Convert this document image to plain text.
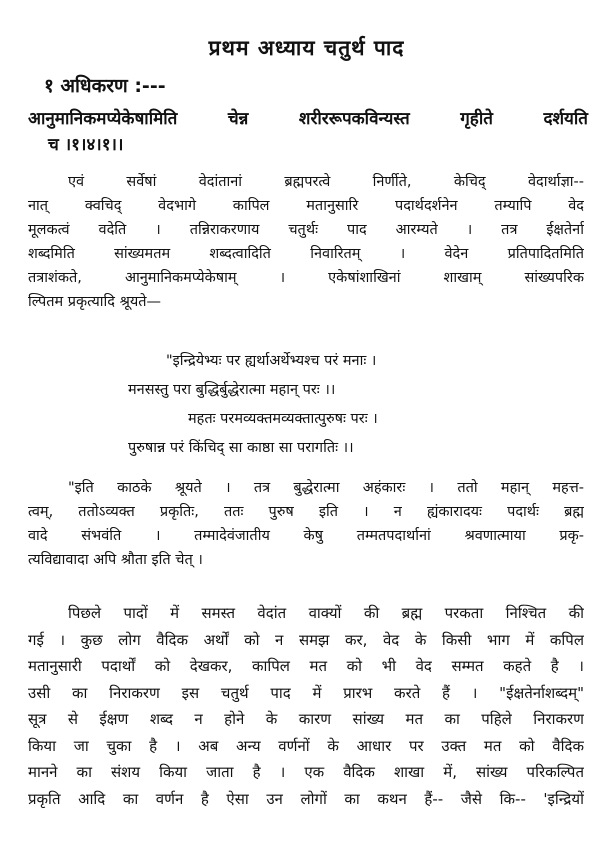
प्रथम अध्याय चतुर्थ पाद
१ अधिकरण :---
आनुमानिकमप्येकेषामिति चेन्न शरीररूपकविन्यस्त गृहीते दर्शयति
च ।१।४।१।।
एवं सर्वेषां वेदांतानां ब्रह्मपरत्वे निर्णीते, केचिद् वेदार्थाज्ञा--
नात् क्वचिद् वेदभागे कापिल मतानुसारि पदार्थदर्शनेन तम्यापि वेद
मूलकत्वं वदेति । तन्निराकरणाय चतुर्थः पाद आरम्यते । तत्र ईक्षतेर्ना
शब्दमिति सांख्यमतम शब्दत्वादिति निवारितम् । वेदेन प्रतिपादितमिति
तत्राशंकते, आनुमानिकमप्येकेषाम् । एकेषांशाखिनां शाखाम् सांख्यपरिक
ल्पितम प्रकृत्यादि श्रूयते—
"इन्द्रियेभ्यः पर ह्यर्थाअर्थेभ्यश्च परं मनाः ।
मनसस्तु परा बुद्धिर्बुद्धेरात्मा महान् परः ।।
महतः परमव्यक्तमव्यक्तात्पुरुषः परः ।
पुरुषान्न परं किंचिद् सा काष्ठा सा परागतिः ।।
"इति काठके श्रूयते । तत्र बुद्धेरात्मा अहंकारः । ततो महान् महत्त-
त्वम्, ततोऽव्यक्त प्रकृतिः, ततः पुरुष इति । न ह्यंकारादयः पदार्थः ब्रह्म
वादे संभवंति । तम्मादेवंजातीय केषु तम्मतपदार्थानां श्रवणात्माया प्रकृ-
त्यविद्यावादा अपि श्रौता इति चेत् ।
पिछले पादों में समस्त वेदांत वाक्यों की ब्रह्म परकता निश्चित की
गई । कुछ लोग वैदिक अर्थों को न समझ कर, वेद के किसी भाग में कपिल
मतानुसारी पदार्थों को देखकर, कापिल मत को भी वेद सम्मत कहते है ।
उसी का निराकरण इस चतुर्थ पाद में प्रारभ करते हैं । "ईक्षतेर्नाशब्दम्"
सूत्र से ईक्षण शब्द न होने के कारण सांख्य मत का पहिले निराकरण
किया जा चुका है । अब अन्य वर्णनों के आधार पर उक्त मत को वैदिक
मानने का संशय किया जाता है । एक वैदिक शाखा में, सांख्य परिकल्पित
प्रकृति आदि का वर्णन है ऐसा उन लोगों का कथन हैं-- जैसे कि-- 'इन्द्रियों
